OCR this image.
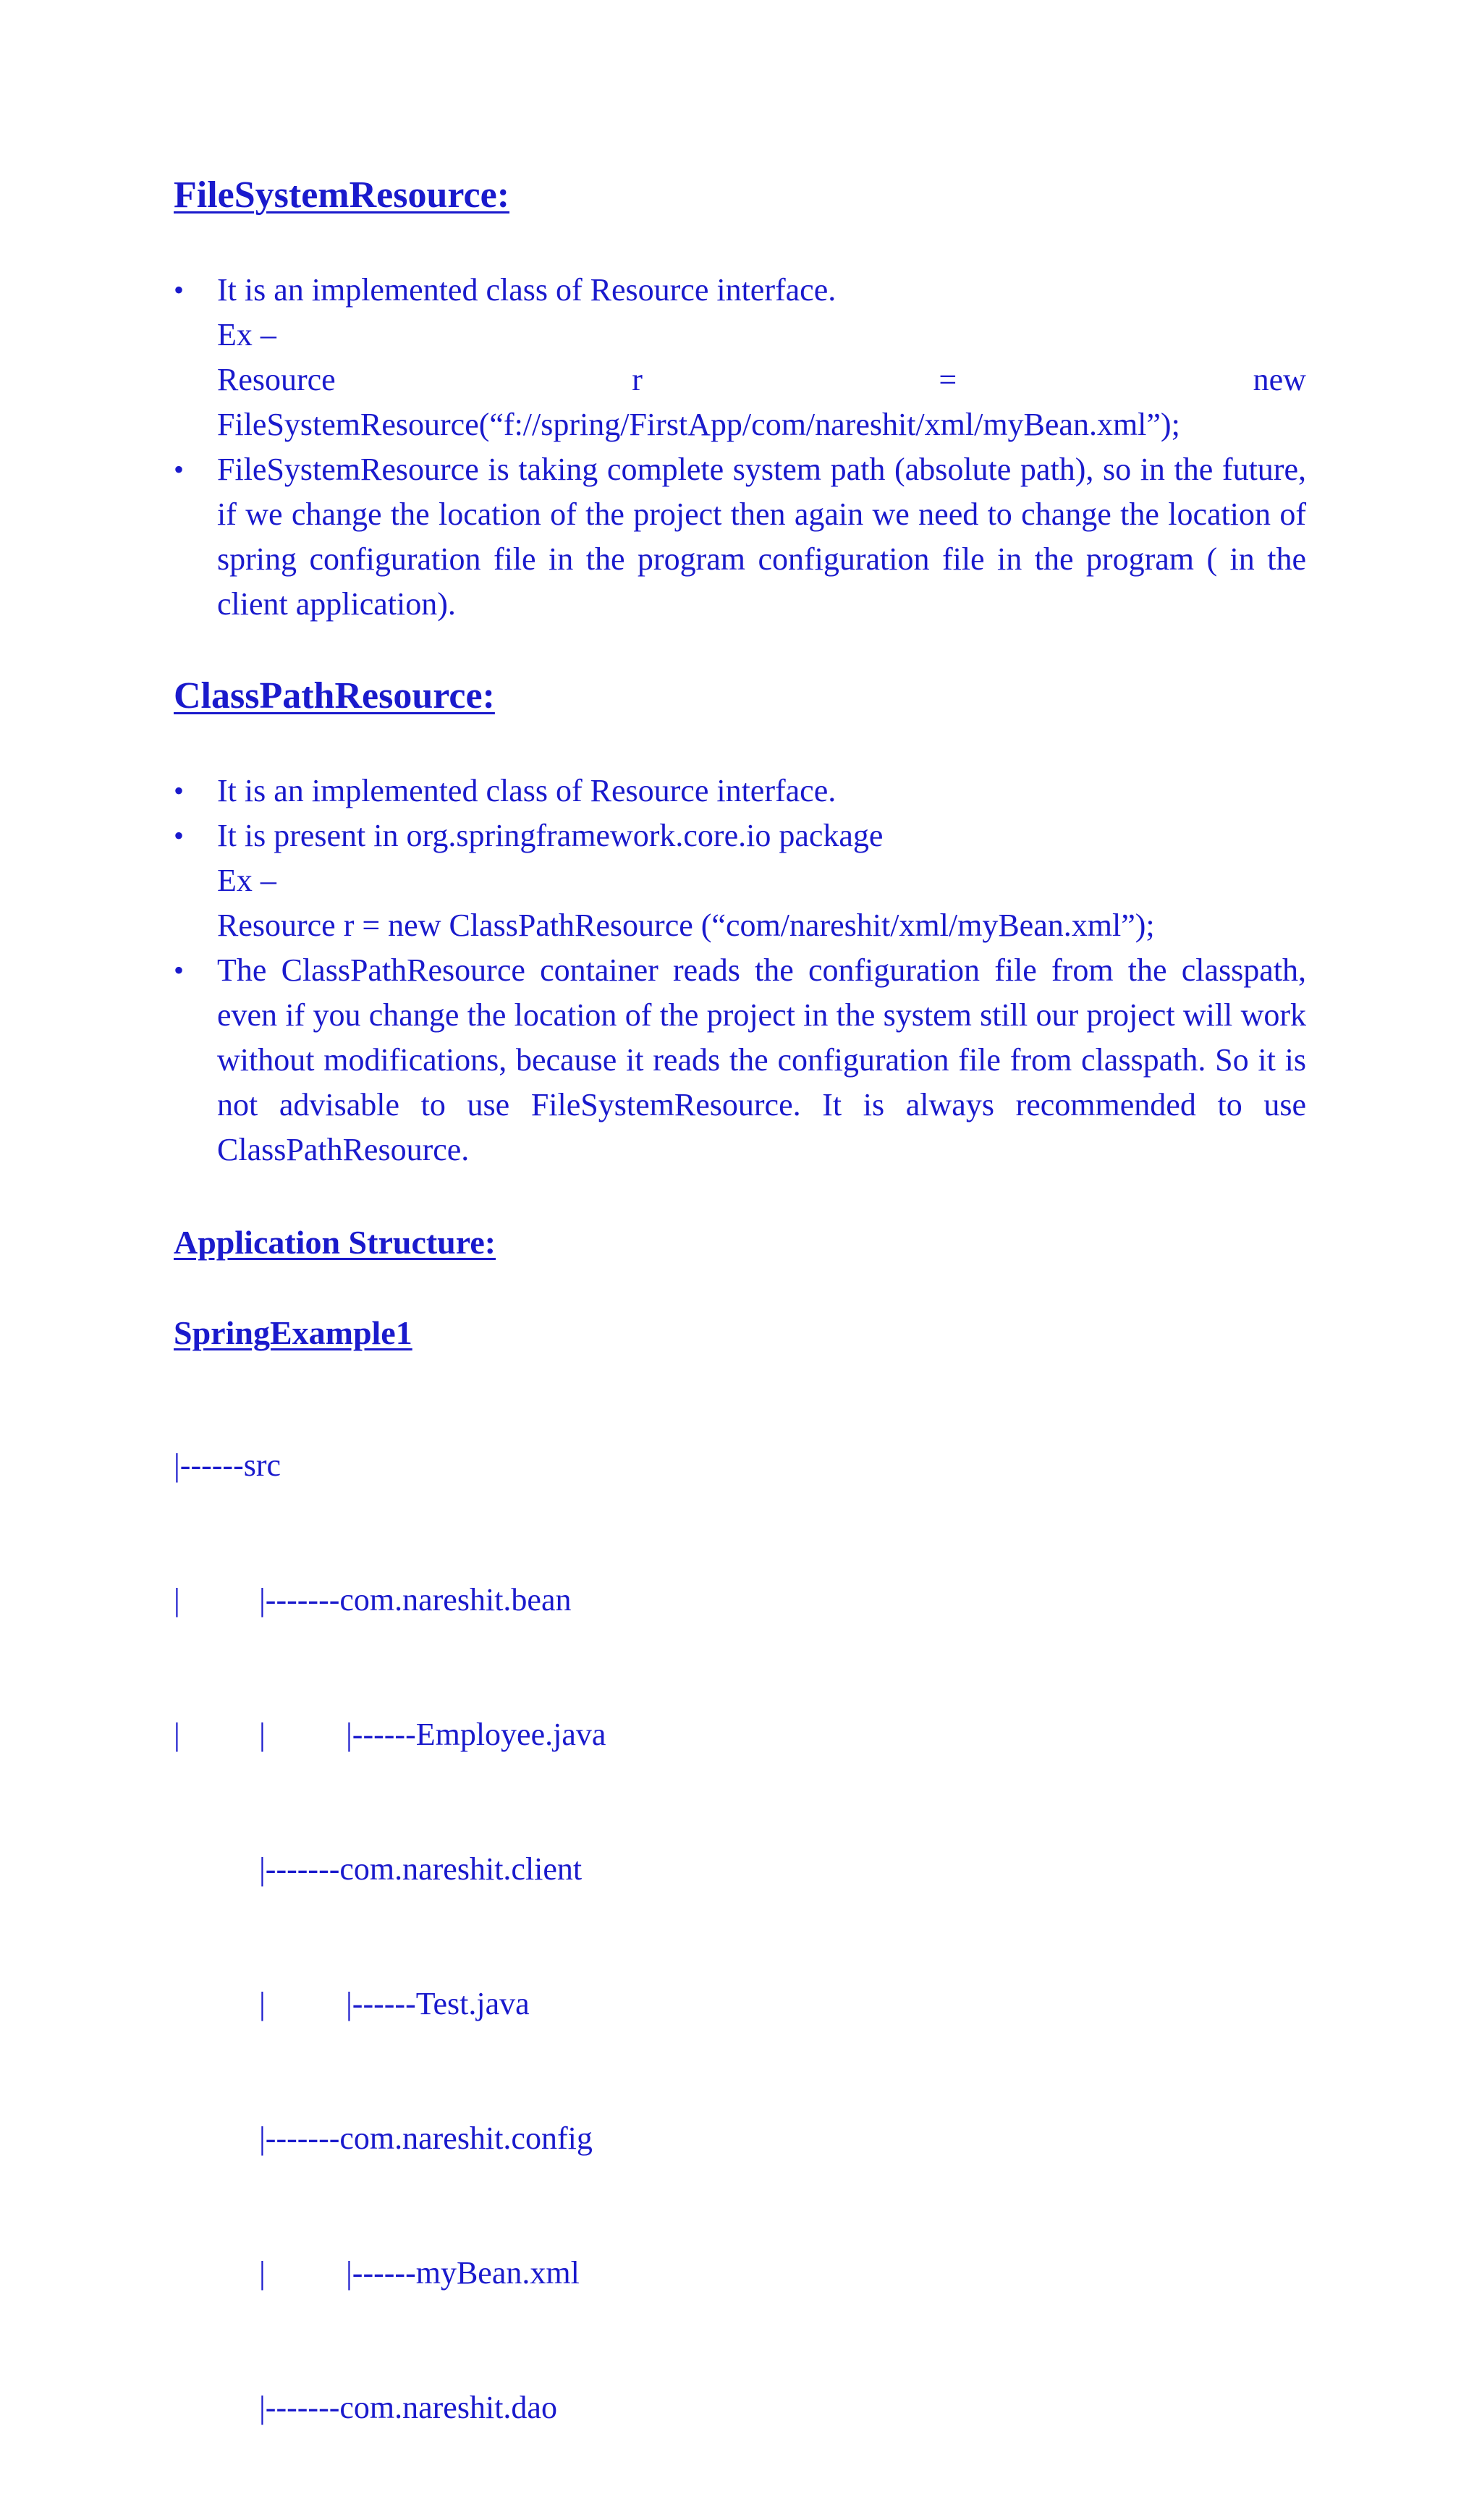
FileSystemResource:
•	It is an implemented class of Resource interface.
Ex –
Resource	r	=	new
FileSystemResource(“f://spring/FirstApp/com/nareshit/xml/myBean.xml”);
•	FileSystemResource is taking complete system path (absolute path), so in the future, if we change the location of the project then again we need to change the location of spring configuration file in the program configuration file in the program ( in the client application).
ClassPathResource:
•	It is an implemented class of Resource interface.
•	It is present in org.springframework.core.io package
Ex –
Resource r = new ClassPathResource (“com/nareshit/xml/myBean.xml”);
•	The ClassPathResource container reads the configuration file from the classpath, even if you change the location of the project in the system still our project will work without modifications, because it reads the configuration file from classpath. So it is not advisable to use FileSystemResource. It is always recommended to use ClassPathResource.
Application Structure:
SpringExample1

|------src

|

|-------com.nareshit.bean

|

|

	|------Employee.java

|-------com.nareshit.client

|

	|------Test.java

|-------com.nareshit.config

|

	|------myBean.xml

|-------com.nareshit.dao
